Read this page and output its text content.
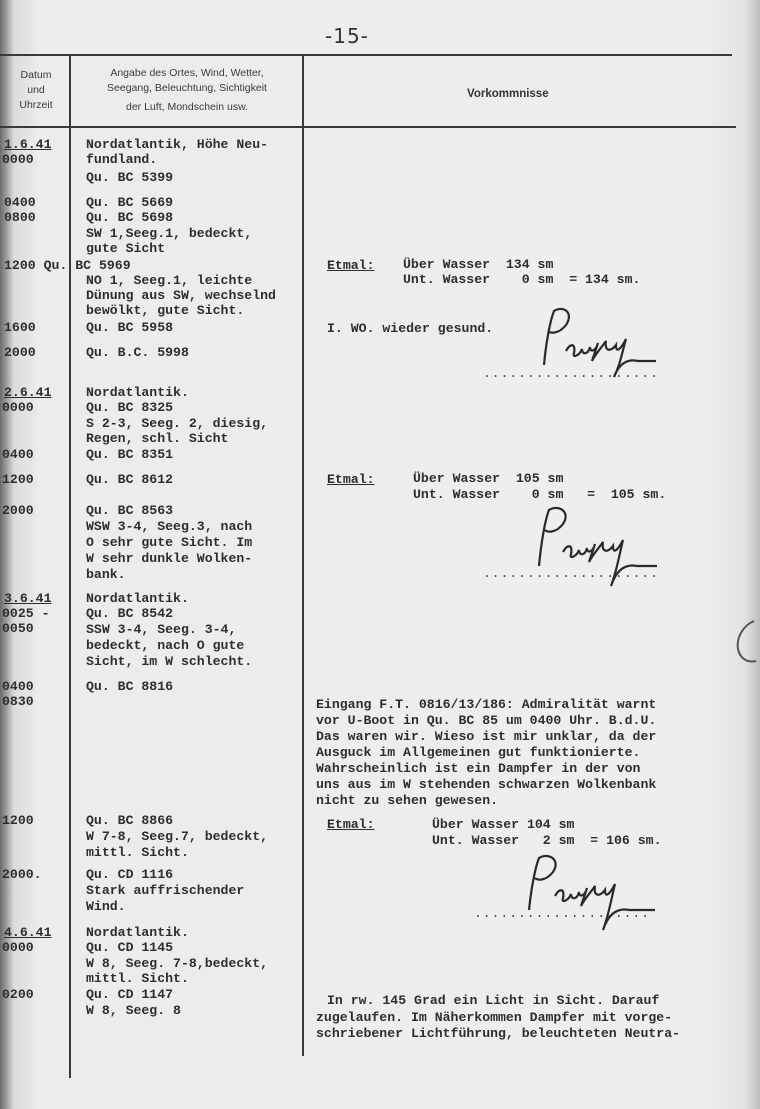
-15-
Datum
und
Uhrzeit
Angabe des Ortes, Wind, Wetter,
Seegang, Beleuchtung, Sichtigkeit
der Luft, Mondschein usw.
Vorkommnisse
1.6.41
0000
0400
0800
1200 Qu. BC 5969
1600
2000
2.6.41
0000
0400
1200
2000
3.6.41
0025 -
0050
0400
0830
1200
2000.
4.6.41
0000
0200
Nordatlantik, Höhe Neu-
fundland.
Qu. BC 5399
Qu. BC 5669
Qu. BC 5698
SW 1,Seeg.1, bedeckt,
gute Sicht
NO 1, Seeg.1, leichte
Dünung aus SW, wechselnd
bewölkt, gute Sicht.
Qu. BC 5958
Qu. B.C. 5998
Nordatlantik.
Qu. BC 8325
S 2-3, Seeg. 2, diesig,
Regen, schl. Sicht
Qu. BC 8351
Qu. BC 8612
Qu. BC 8563
WSW 3-4, Seeg.3, nach
O sehr gute Sicht. Im
W sehr dunkle Wolken-
bank.
Nordatlantik.
Qu. BC 8542
SSW 3-4, Seeg. 3-4,
bedeckt, nach O gute
Sicht, im W schlecht.
Qu. BC 8816
Qu. BC 8866
W 7-8, Seeg.7, bedeckt,
mittl. Sicht.
Qu. CD 1116
Stark auffrischender
Wind.
Nordatlantik.
Qu. CD 1145
W 8, Seeg. 7-8,bedeckt,
mittl. Sicht.
Qu. CD 1147
W 8, Seeg. 8
Etmal: Über Wasser  134 sm
Unt. Wasser    0 sm  = 134 sm.
I. WO. wieder gesund.
....................
Etmal:	Über Wasser  105 sm
Unt. Wasser    0 sm   =  105 sm.
....................
Eingang F.T. 0816/13/186: Admiralität warnt
vor U-Boot in Qu. BC 85 um 0400 Uhr. B.d.U.
Das waren wir. Wieso ist mir unklar, da der
Ausguck im Allgemeinen gut funktionierte.
Wahrscheinlich ist ein Dampfer in der von
uns aus im W stehenden schwarzen Wolkenbank
nicht zu sehen gewesen.
Etmal:	Über Wasser 104 sm
Unt. Wasser   2 sm  = 106 sm.
....................
In rw. 145 Grad ein Licht in Sicht. Darauf
zugelaufen. Im Näherkommen Dampfer mit vorge-
schriebener Lichtführung, beleuchteten Neutra-
